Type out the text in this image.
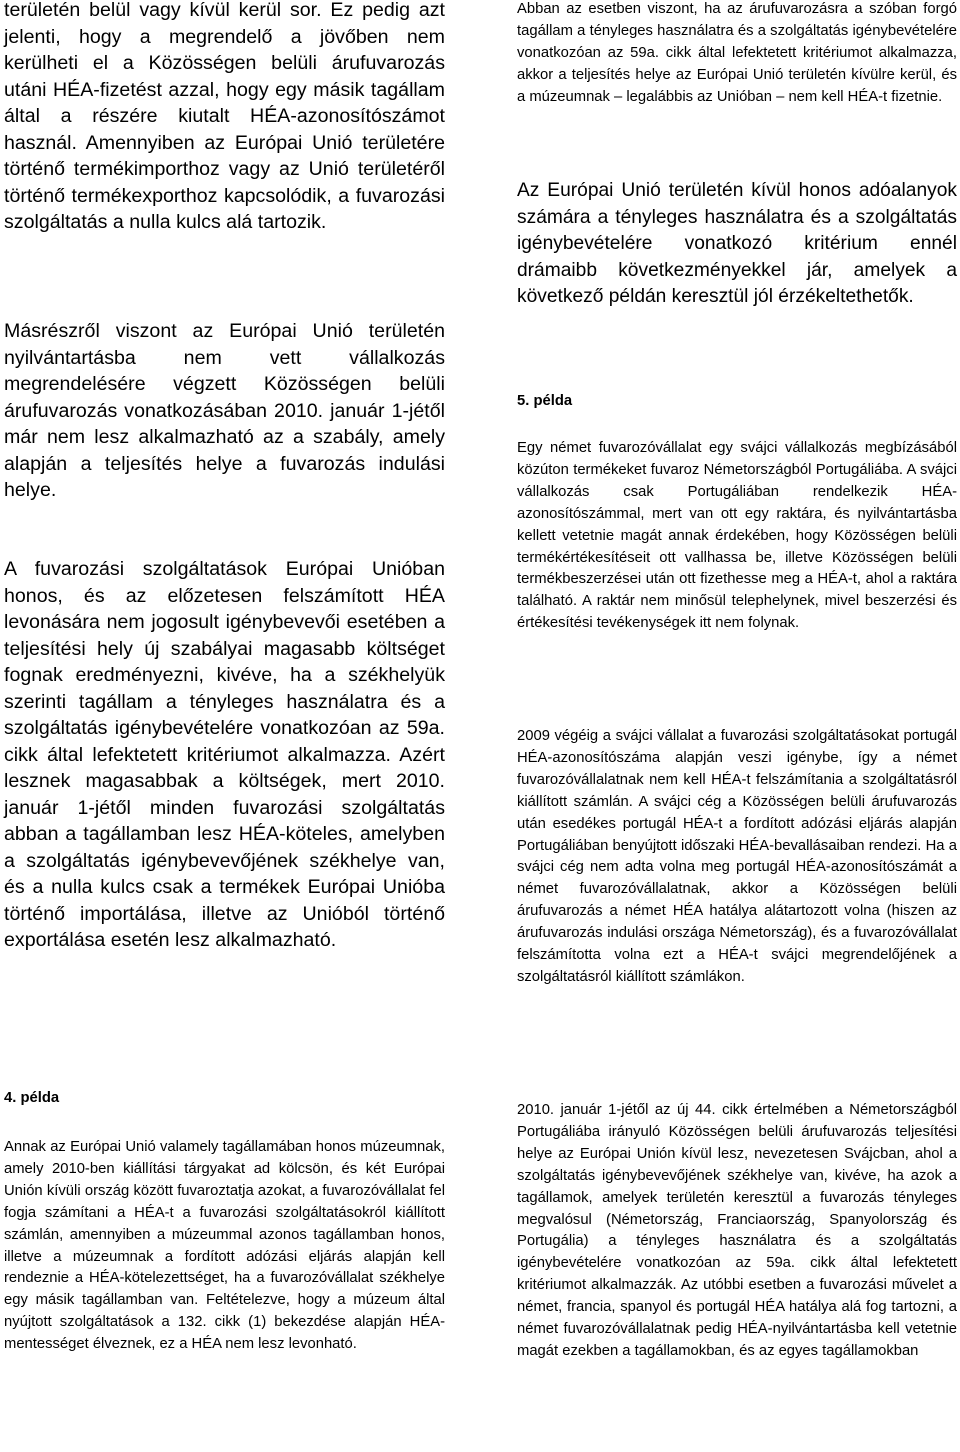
területén belül vagy kívül kerül sor. Ez pedig azt jelenti, hogy a megrendelő a jövőben nem kerülheti el a Közösségen belüli árufuvarozás utáni HÉA-fizetést azzal, hogy egy másik tagállam által a részére kiutalt HÉA-azonosítószámot használ. Amennyiben az Európai Unió területére történő termékimporthoz vagy az Unió területéről történő termékexporthoz kapcsolódik, a fuvarozási szolgáltatás a nulla kulcs alá tartozik.

Másrészről viszont az Európai Unió területén nyilvántartásba nem vett vállalkozás megrendelésére végzett Közösségen belüli árufuvarozás vonatkozásában 2010. január 1-jétől már nem lesz alkalmazható az a szabály, amely alapján a teljesítés helye a fuvarozás indulási helye.

A fuvarozási szolgáltatások Európai Unióban honos, és az előzetesen felszámított HÉA levonására nem jogosult igénybevevői esetében a teljesítési hely új szabályai magasabb költséget fognak eredményezni, kivéve, ha a székhelyük szerinti tagállam a tényleges használatra és a szolgáltatás igénybevételére vonatkozóan az 59a. cikk által lefektetett kritériumot alkalmazza. Azért lesznek magasabbak a költségek, mert 2010. január 1-jétől minden fuvarozási szolgáltatás abban a tagállamban lesz HÉA-köteles, amelyben a szolgáltatás igénybevevőjének székhelye van, és a nulla kulcs csak a termékek Európai Unióba történő importálása, illetve az Unióból történő exportálása esetén lesz alkalmazható.

4. példa

Annak az Európai Unió valamely tagállamában honos múzeumnak, amely 2010-ben kiállítási tárgyakat ad kölcsön, és két Európai Unión kívüli ország között fuvaroztatja azokat, a fuvarozóvállalat fel fogja számítani a HÉA-t a fuvarozási szolgáltatásokról kiállított számlán, amennyiben a múzeummal azonos tagállamban honos, illetve a múzeumnak a fordított adózási eljárás alapján kell rendeznie a HÉA-kötelezettséget, ha a fuvarozóvállalat székhelye egy másik tagállamban van. Feltételezve, hogy a múzeum által nyújtott szolgáltatások a 132. cikk (1) bekezdése alapján HÉA-mentességet élveznek, ez a HÉA nem lesz levonható.

Abban az esetben viszont, ha az árufuvarozásra a szóban forgó tagállam a tényleges használatra és a szolgáltatás igénybevételére vonatkozóan az 59a. cikk által lefektetett kritériumot alkalmazza, akkor a teljesítés helye az Európai Unió területén kívülre kerül, és a múzeumnak – legalábbis az Unióban – nem kell HÉA-t fizetnie.

Az Európai Unió területén kívül honos adóalanyok számára a tényleges használatra és a szolgáltatás igénybevételére vonatkozó kritérium ennél drámaibb következményekkel jár, amelyek a következő példán keresztül jól érzékeltethetők.

5. példa

Egy német fuvarozóvállalat egy svájci vállalkozás megbízásából közúton termékeket fuvaroz Németországból Portugáliába. A svájci vállalkozás csak Portugáliában rendelkezik HÉA-azonosítószámmal, mert van ott egy raktára, és nyilvántartásba kellett vetetnie magát annak érdekében, hogy Közösségen belüli termékértékesítéseit ott vallhassa be, illetve Közösségen belüli termékbeszerzései után ott fizethesse meg a HÉA-t, ahol a raktára található. A raktár nem minősül telephelynek, mivel beszerzési és értékesítési tevékenységek itt nem folynak.

2009 végéig a svájci vállalat a fuvarozási szolgáltatásokat portugál HÉA-azonosítószáma alapján veszi igénybe, így a német fuvarozóvállalatnak nem kell HÉA-t felszámítania a szolgáltatásról kiállított számlán. A svájci cég a Közösségen belüli árufuvarozás után esedékes portugál HÉA-t a fordított adózási eljárás alapján Portugáliában benyújtott időszaki HÉA-bevallásaiban rendezi. Ha a svájci cég nem adta volna meg portugál HÉA-azonosítószámát a német fuvarozóvállalatnak, akkor a Közösségen belüli árufuvarozás a német HÉA hatálya alátartozott volna (hiszen az árufuvarozás indulási országa Németország), és a fuvarozóvállalat felszámította volna ezt a HÉA-t svájci megrendelőjének a szolgáltatásról kiállított számlákon.

2010. január 1-jétől az új 44. cikk értelmében a Németországból Portugáliába irányuló Közösségen belüli árufuvarozás teljesítési helye az Európai Unión kívül lesz, nevezetesen Svájcban, ahol a szolgáltatás igénybevevőjének székhelye van, kivéve, ha azok a tagállamok, amelyek területén keresztül a fuvarozás tényleges megvalósul (Németország, Franciaország, Spanyolország és Portugália) a tényleges használatra és a szolgáltatás igénybevételére vonatkozóan az 59a. cikk által lefektetett kritériumot alkalmazzák. Az utóbbi esetben a fuvarozási művelet a német, francia, spanyol és portugál HÉA hatálya alá fog tartozni, a német fuvarozóvállalatnak pedig HÉA-nyilvántartásba kell vetetnie magát ezekben a tagállamokban, és az egyes tagállamokban
